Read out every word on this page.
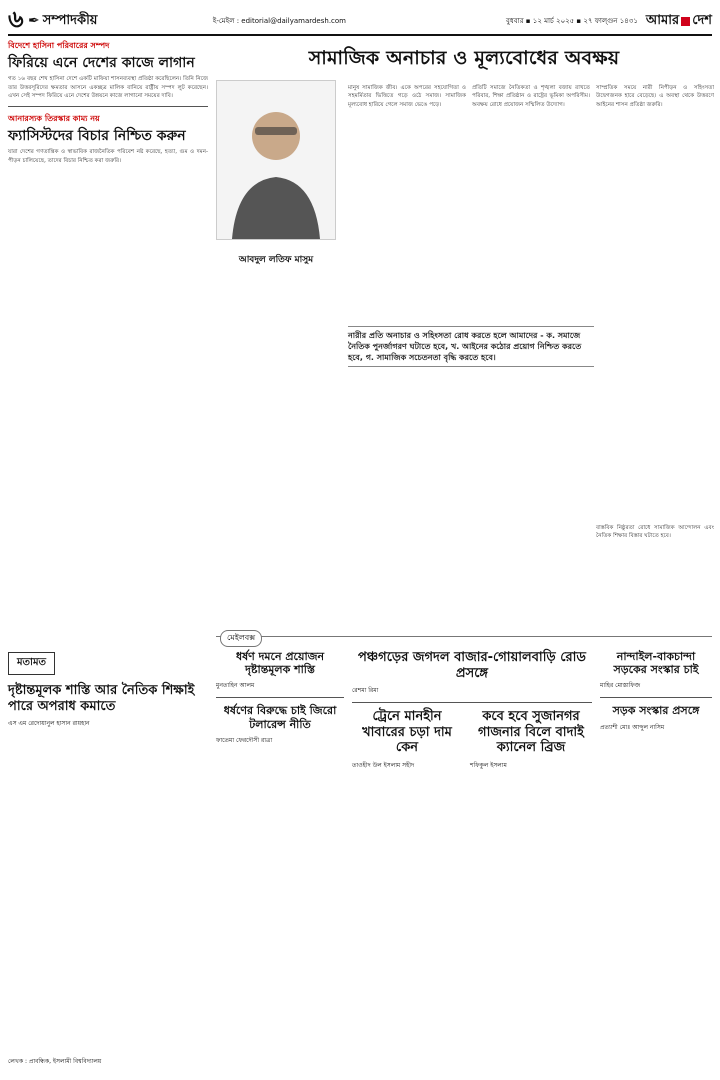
৬ ✒ সম্পাদকীয়	ই-মেইল : editorial@dailyamardesh.com	বুধবার ▪ ১২ মার্চ ২০২৫ ▪ ২৭ ফাল্গুন ১৪৩১ আমার দেশ
বিদেশে হাসিনা পরিবারের সম্পদ
ফিরিয়ে এনে দেশের কাজে লাগান
গত ১৬ বছর শেখ হাসিনা দেশে একটি মাফিয়া শাসনব্যবস্থা প্রতিষ্ঠা করেছিলেন। তিনি নিজে তার উত্তরসূরিদের ক্ষমতার আসনে একচ্ছত্র মালিক বানিয়ে রাষ্ট্রীয় সম্পদ লুট করেছেন। এখন সেই সম্পদ ফিরিয়ে এনে দেশের উন্নয়নে কাজে লাগানো সময়ের দাবি।
আনারস্যক তিরস্কার কাম্য নয়
ফ্যাসিস্টদের বিচার নিশ্চিত করুন
যারা দেশের গণতান্ত্রিক ও স্বাভাবিক রাজনৈতিক পরিবেশ নষ্ট করেছে, হত্যা, গুম ও দমন-পীড়ন চালিয়েছে, তাদের বিচার নিশ্চিত করা জরুরি।
সামাজিক অনাচার ও মূল্যবোধের অবক্ষয়
আবদুল লতিফ মাসুম
মানুষ সামাজিক জীব। একে অপরের সহযোগিতা ও সহমর্মিতার ভিত্তিতে গড়ে ওঠে সমাজ। সামাজিক মূল্যবোধ হারিয়ে গেলে সমাজ ভেঙে পড়ে।
প্রতিটি সমাজে নৈতিকতা ও শৃঙ্খলা বজায় রাখতে পরিবার, শিক্ষা প্রতিষ্ঠান ও রাষ্ট্রের ভূমিকা অপরিসীম। অবক্ষয় রোধে প্রয়োজন সম্মিলিত উদ্যোগ।
সাম্প্রতিক সময়ে নারী নিপীড়ন ও সহিংসতা উদ্বেগজনক হারে বেড়েছে। এ অবস্থা থেকে উত্তরণে আইনের শাসন প্রতিষ্ঠা জরুরি।
নারীর প্রতি অনাচার ও সহিংসতা রোধ করতে হলে আমাদের - ক. সমাজে নৈতিক পুনর্জাগরণ ঘটাতে হবে, খ. আইনের কঠোর প্রয়োগ নিশ্চিত করতে হবে, গ. সামাজিক সচেতনতা বৃদ্ধি করতে হবে।
বাস্তবিক নিষ্ঠুরতা রোধে সামাজিক আন্দোলন এবং নৈতিক শিক্ষার বিস্তার ঘটাতে হবে।
মেইলবক্স
মতামত
দৃষ্টান্তমূলক শাস্তি আর নৈতিক শিক্ষাই পারে অপরাধ কমাতে
এস এম রেদোয়ানুল হাসান রায়হান
ধর্ষণ দমনে প্রয়োজন দৃষ্টান্তমূলক শাস্তি
মুনতাহিন আলম
ধর্ষণের বিরুদ্ধে চাই জিরো টলারেন্স নীতি
ফাতেমা ফেরদৌসী রাত্রা
পঞ্চগড়ের জগদল বাজার-গোয়ালবাড়ি রোড প্রসঙ্গে
রেশমা রিমা
ট্রেনে মানহীন খাবারের চড়া দাম কেন
তাওহীদ উল ইসলাম সহীদ
কবে হবে সুজানগর গাজনার বিলে বাদাই ক্যানেল ব্রিজ
শফিকুল ইসলাম
নান্দাইল-বাকচান্দা সড়কের সংস্কার চাই
মাহির মোস্তাফিজ
সড়ক সংস্কার প্রসঙ্গে
প্রত্যাশী মোঃ আব্দুল নাসিম
লেখক : প্রাবন্ধিক, ইসলামী বিশ্ববিদ্যালয়
